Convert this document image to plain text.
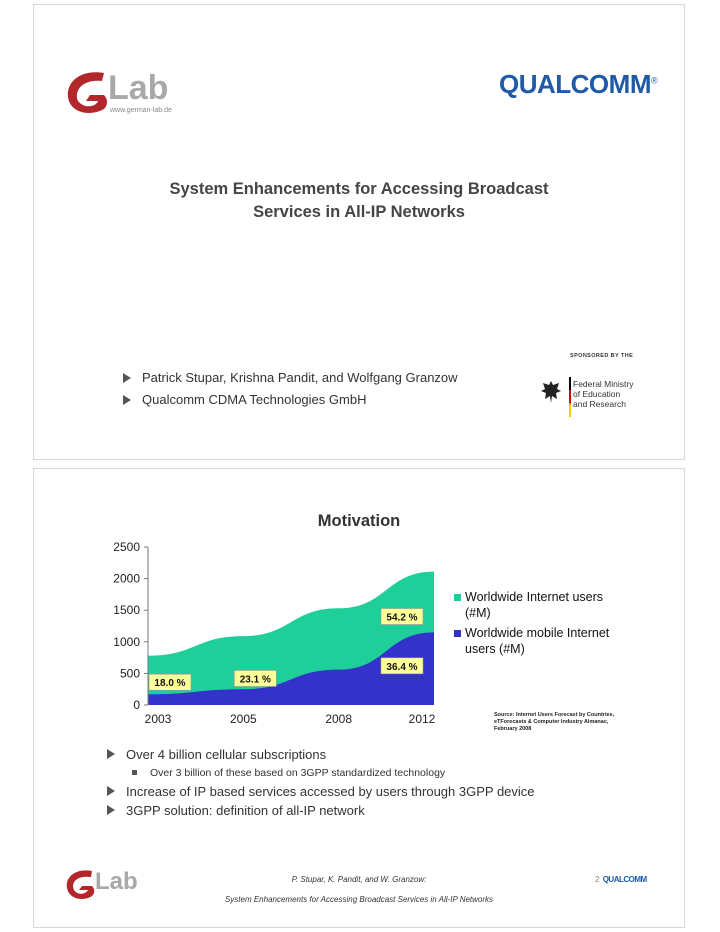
Lab
www.german-lab.de
QUALCOMM®
System Enhancements for Accessing Broadcast
Services in All-IP Networks
Patrick Stupar, Krishna Pandit, and Wolfgang Granzow
Qualcomm CDMA Technologies GmbH
SPONSORED BY THE
Federal Ministry
of Education
and Research
Motivation
0
500
1000
1500
2000
2500
2003	2005	2008	2012
54.2 %
36.4 %
23.1 %
18.0 %
Worldwide Internet users
(#M)
Worldwide mobile Internet
users (#M)
Source: Internet Users Forecast by Countries,
eTForecasts & Computer Industry Almanac,
February 2008
Over 4 billion cellular subscriptions
Over 3 billion of these based on 3GPP standardized technology
Increase of IP based services accessed by users through 3GPP device
3GPP solution: definition of all-IP network
Lab	P. Stupar, K. Pandit, and W. Granzow:
System Enhancements for Accessing Broadcast Services in All-IP Networks
2 QUALCOMM
